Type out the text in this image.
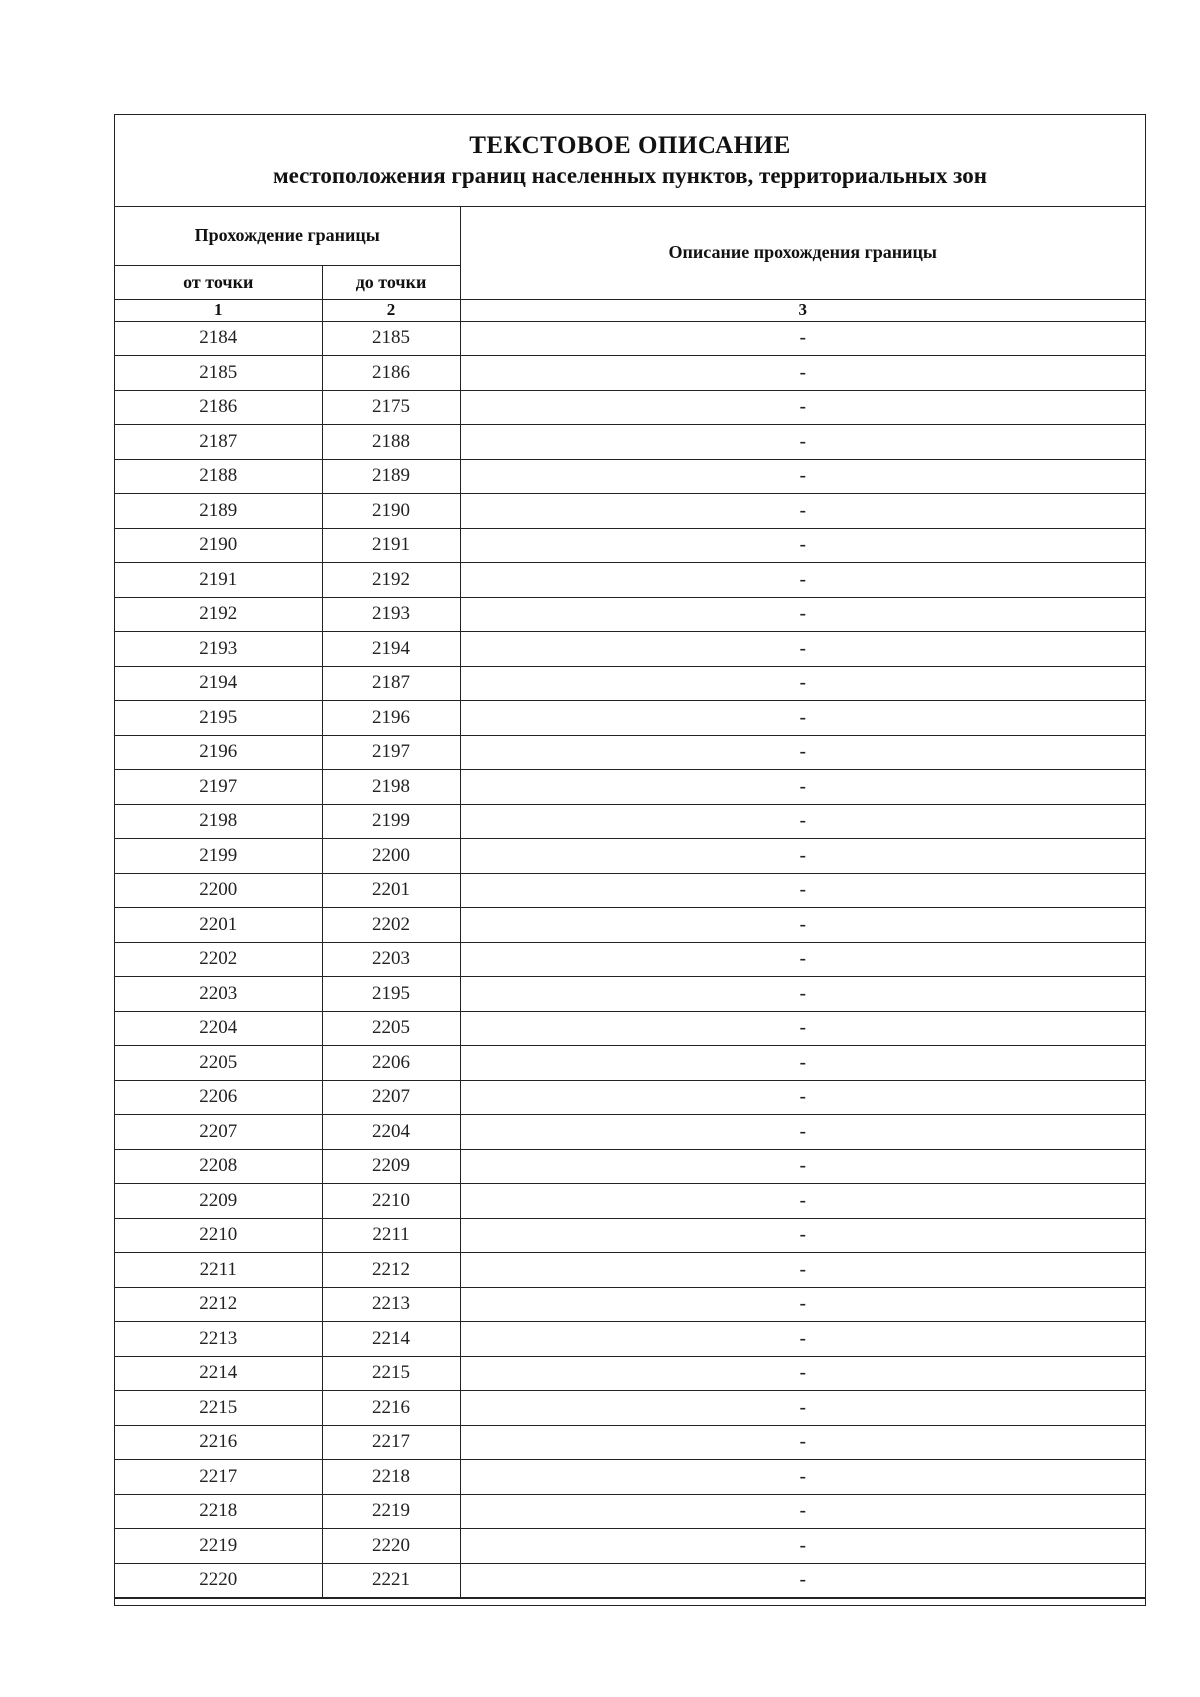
ТЕКСТОВОЕ ОПИСАНИЕ
местоположения границ населенных пунктов, территориальных зон
Прохождение границы		Описание прохождения границы
от точки	до точки	
1	2	3
2184	2185	-
2185	2186	-
2186	2175	-
2187	2188	-
2188	2189	-
2189	2190	-
2190	2191	-
2191	2192	-
2192	2193	-
2193	2194	-
2194	2187	-
2195	2196	-
2196	2197	-
2197	2198	-
2198	2199	-
2199	2200	-
2200	2201	-
2201	2202	-
2202	2203	-
2203	2195	-
2204	2205	-
2205	2206	-
2206	2207	-
2207	2204	-
2208	2209	-
2209	2210	-
2210	2211	-
2211	2212	-
2212	2213	-
2213	2214	-
2214	2215	-
2215	2216	-
2216	2217	-
2217	2218	-
2218	2219	-
2219	2220	-
2220	2221	-
